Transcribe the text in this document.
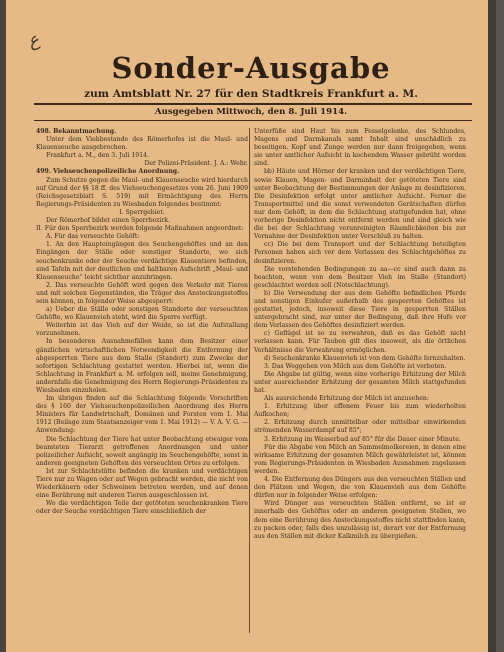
ع
Sonder-Ausgabe
zum Amtsblatt Nr. 27 für den Stadtkreis Frankfurt a. M.
Ausgegeben Mittwoch, den 8. Juli 1914.

498. Bekanntmachung.

Unter dem Viehbestande des Römerhofes ist die Maul- und Klauenseuche ausgebrochen.

Frankfurt a. M., den 3. Juli 1914.

Der Polizei-Präsident. J. A.: Wehr.

499. Viehseuchenpolizeiliche Anordnung.

Zum Schutze gegen die Maul- und Klauenseuche wird hierdurch auf Grund der §§ 18 ff. des Viehseuchengesetzes vom 26. Juni 1909 (Reichsgesetzblatt S. 519) mit Ermächtigung des Herrn Regierungs-Präsidenten zu Wiesbaden folgendes bestimmt:

I. Sperrgebiet.

Der Römerhof bildet einen Sperrbezirk.

II. Für den Sperrbezirk werden folgende Maßnahmen angeordnet:

A. Für das verseuchte Gehöft:

1. An den Haupteingängen des Seuchengehöftes und an den Eingängen der Ställe oder sonstiger Standorte, wo sich seuchenkranke oder der Seuche verdächtige Klauentiere befinden, sind Tafeln mit der deutlichen und haltbaren Aufschrift „Maul- und Klauenseuche“ leicht sichtbar anzubringen.

2. Das verseuchte Gehöft wird gegen den Verkehr mit Tieren und mit solchen Gegenständen, die Träger des Ansteckungsstoffes sein können, in folgender Weise abgesperrt:

a) Ueber die Ställe oder sonstigen Standorte der verseuchten Gehöfte, wo Klauenvieh steht, wird die Sperre verfügt.

Weiterhin ist das Vieh auf der Weide, so ist die Aufstallung vorzunehmen.

In besonderen Ausnahmefällen kann dem Besitzer einer gänzlichen wirtschaftlichen Notwendigkeit die Entfernung der abgesperrten Tiere aus dem Stalle (Standort) zum Zwecke der sofortigen Schlachtung gestattet werden. Hierbei ist, wenn die Schlachtung in Frankfurt a. M. erfolgen soll, meine Genehmigung, andernfalls die Genehmigung des Herrn Regierungs-Präsidenten zu Wiesbaden einzuholen.

Im übrigen finden auf die Schlachtung folgende Vorschriften des § 160 der Viehseuchenpolizeilichen Anordnung des Herrn Ministers für Landwirtschaft, Domänen und Forsten vom 1. Mai 1912 (Beilage zum Staatsanzeiger vom 1. Mai 1912) — V. A. V. G. — Anwendung:

Die Schlachtung der Tiere hat unter Beobachtung etwaiger vom beamteten Tierarzt getroffenen Anordnungen und unter polizeilicher Aufsicht, soweit angängig im Seuchengehöfte, sonst in anderen geeigneten Gehöften des verseuchten Ortes zu erfolgen.

Ist zur Schlachtstätte befinden die kranken und verdächtigen Tiere nur zu Wagen oder auf Wegen gebracht werden, die nicht von Wiederkäuern oder Schweinen betreten werden, und auf denen eine Berührung mit anderen Tieren ausgeschlossen ist.

Wo die verdächtigen Teile der getöteten seuchenkranken Tiere oder der Seuche verdächtigen Tiere einschließlich der

Unterfüße sind Haut bis zum Fesselgelenke, des Schlundes, Magens und Darmkanals samt Inhalt sind unschädlich zu beseitigen. Kopf und Zunge werden nur dann freigegeben, wenn sie unter amtlicher Aufsicht in kochendem Wasser gebrüht worden sind.

bb) Häute und Hörner der kranken und der verdächtigen Tiere, sowie Klauen, Magen- und Darminhalt der getöteten Tiere sind unter Beobachtung der Bestimmungen der Anlage zu desinfizieren. Die Desinfektion erfolgt unter amtlicher Aufsicht. Ferner die Transportmittel und die sonst verwendeten Gerätschaften dürfen nur dem Gehöft, in dem die Schlachtung stattgefunden hat, ohne vorherige Desinfektion nicht entfernt werden und sind gleich wie die bei der Schlachtung verunreinigten Räumlichkeiten bis zur Vornahme der Desinfektion unter Verschluß zu halten.

cc) Die bei dem Transport und der Schlachtung beteiligten Personen haben sich vor dem Verlassen des Schlachtgehöftes zu desinfizieren.

Die vorstehenden Bedingungen zu aa—cc sind auch dann zu beachten, wenn von dem Besitzer Vieh im Stalle (Standort) geschlachtet werden soll (Notschlachtung).

b) Die Verwendung der aus dem Gehöfte befindlichen Pferde und sonstigen Einhufer außerhalb des gesperrten Gehöftes ist gestattet, jedoch, insoweit diese Tiere in gesperrten Ställen untergebracht sind, nur unter der Bedingung, daß ihre Hufe vor dem Verlassen des Gehöftes desinfiziert werden.

c) Geflügel ist so zu verwahren, daß es das Gehöft nicht verlassen kann. Für Tauben gilt dies insoweit, als die örtlichen Verhältnisse die Verwahrung ermöglichen.

d) Seuchenkranke Klauenvieh ist von dem Gehöfte fernzuhalten.

3. Das Weggeben von Milch aus dem Gehöfte ist verboten.

Die Abgabe ist gültig, wenn eine vorherige Erhitzung der Milch unter ausreichender Erhitzung der gesamten Milch stattgefunden hat.

Als ausreichende Erhitzung der Milch ist anzusehen:

1. Erhitzung über offenem Feuer bis zum wiederholten Aufkochen;

2. Erhitzung durch unmittelbar oder mittelbar einwirkenden strömenden Wasserdampf auf 85°;

3. Erhitzung im Wasserbad auf 85° für die Dauer einer Minute.

Für die Abgabe von Milch an Sammelmolkereien, in denen eine wirksame Erhitzung der gesamten Milch gewährleistet ist, können vom Regierungs-Präsidenten in Wiesbaden Ausnahmen zugelassen werden.

4. Die Entfernung des Düngers aus den verseuchten Ställen und den Plätzen und Wegen, die von Klauenvieh aus dem Gehöfte dürfen nur in folgender Weise erfolgen:

Wird Dünger aus verseuchten Ställen entfernt, so ist er innerhalb des Gehöftes oder an anderen geeigneten Stellen, wo dem eine Berührung des Ansteckungsstoffes nicht stattfinden kann, zu packen oder, falls dies unzulässig ist, derart vor der Entfernung aus den Ställen mit dicker Kalkmilch zu übergießen.
